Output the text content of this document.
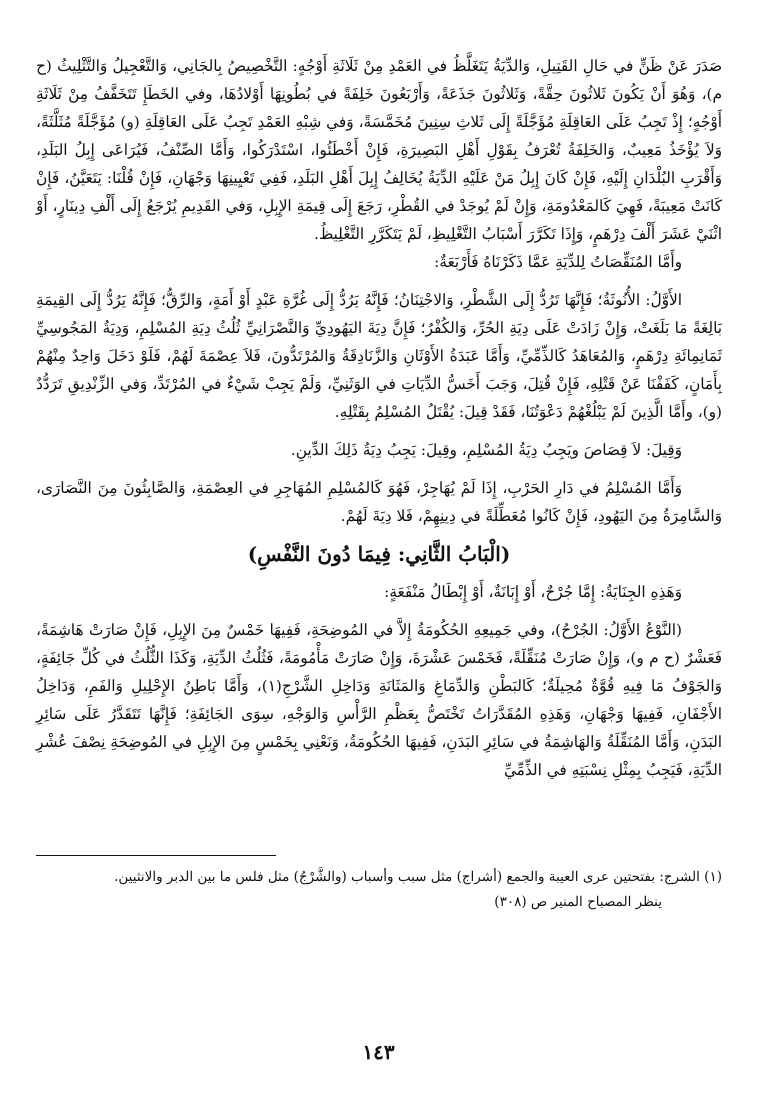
صَدَرَ عَنْ ظَنٍّ في حَالِ القَتِيلِ، وَالدِّيَةُ يَتَغَلَّظُ في العَمْدِ مِنْ ثَلَاثَةِ أَوْجُهٍ: التَّخْصِيصُ بِالجَانِي، وَالتَّعْجِيلُ وَالتَّثْلِيثُ (ح م)، وَهُوَ أَنْ يَكُونَ ثَلاثُونَ حِقَّةً، وَثَلاثُونَ جَذَعَةً، وَأَرْبَعُونَ خَلِفَةً في بُطُونِهَا أَوْلادُهَا، وفي الخَطَإِ تَتَخَفَّفُ مِنْ ثَلَاثَةِ أَوْجُهٍ؛ إِذْ تَجِبُ عَلَى العَاقِلَةِ مُؤَجَّلَةً إِلَى ثَلاثِ سِنِينَ مُخَمَّسَةً، وَفي شِبْهِ العَمْدِ تَجِبُ عَلَى العَاقِلَةِ (و) مُؤَجَّلَةً مُثَلَّثَةً، وَلاَ يُؤْخَذُ مَعِيبٌ، وَالخَلِفَةُ تُعْرَفُ بِقَوْلِ أَهْلِ البَصِيرَةِ، فَإِنْ أَخْطَئُوا، اسْتَدْرَكُوا، وَأَمَّا الصِّنْفُ، فَيُرَاعَى إِبِلُ البَلَدِ، وَأَقْرَبِ البُلْدَانِ إِلَيْهِ، فَإِنْ كَانَ إِبِلُ مَنْ عَلَيْهِ الدِّيَةُ يُخَالِفُ إِبِلَ أَهْلِ البَلَدِ، فَفِي تَعْيِينِهَا وَجْهَانِ، فَإِنْ قُلْنَا: يَتَعَيَّنُ، فَإِنْ كَانَتْ مَعِيبَةً، فَهِيَ كَالمَعْدُومَةِ، وَإِنْ لَمْ يُوجَدْ في القُطْرِ، رَجَعَ إِلَى قِيمَةِ الإِبِلِ، وَفي القَدِيمِ يُرْجَعُ إِلَى أَلْفِ دِينَارٍ، أَوْ اثْنَيْ عَشَرَ أَلْفَ دِرْهَمٍ، وَإِذَا تَكَرَّرَ أَسْبَابُ التَّغْلِيظِ، لَمْ يَتَكَرَّرِ التَّغْلِيظُ.

وأَمَّا المُنَقِّصَاتُ لِلدِّيَةِ عَمَّا ذَكَرْنَاهُ فَأَرْبَعَةٌ:

الأَوَّلُ: الأُنُوثَةُ؛ فَإِنَّهَا تَرُدُّ إِلَى الشَّطْرِ، وَالاجْتِنَانُ؛ فَإِنَّهُ يَرُدُّ إِلَى غُرَّةِ عَبْدٍ أَوْ أَمَةٍ، وَالرِّقُّ؛ فَإِنَّهُ يَرُدُّ إِلَى القِيمَةِ بَالِغَةً مَا بَلَغَتْ، وَإِنْ زَادَتْ عَلَى دِيَةِ الحُرِّ، وَالكُفْرُ؛ فَإِنَّ دِيَةَ اليَهُودِيِّ وَالنَّصْرَانِيِّ ثُلُثُ دِيَةِ المُسْلِمِ، وَدِيَةُ المَجُوسِيِّ ثَمَانِمِائَةِ دِرْهَمٍ، وَالمُعَاهَدُ كَالذِّمِّيِّ، وَأَمَّا عَبَدَةُ الأَوْثَانِ وَالزَّنَادِقَةُ وَالمُرْتَدُّونَ، فَلاَ عِصْمَةَ لَهُمْ، فَلَوْ دَخَلَ وَاحِدٌ مِنْهُمْ بِأَمَانٍ، كَفَفْنَا عَنْ قَتْلِهِ، فَإِنْ قُتِلَ، وَجَبَ أَخَسُّ الدِّيَاتِ في الوَثَنِيِّ، وَلَمْ يَجِبْ شَيْءٌ في المُرْتَدِّ، وَفي الزِّنْدِيقِ تَرَدُّدٌ (و)، وأَمَّا الَّذِينَ لَمْ يَبْلُغْهُمْ دَعْوَتُنَا، فَقَدْ قِيلَ: يُقْتَلُ المُسْلِمُ بِقَتْلِهِ.

وَقِيلَ: لاَ قِصَاصَ ويَجِبُ دِيَةُ المُسْلِمِ، وقِيلَ: يَجِبُ دِيَةُ ذَلِكَ الدِّينِ.

وَأَمَّا المُسْلِمُ في دَارِ الحَرْبِ، إِذَا لَمْ يُهَاجِرْ، فَهُوَ كَالمُسْلِمِ المُهَاجِرِ في العِصْمَةِ، وَالصَّابِئُونَ مِنَ النَّصَارَى، وَالسَّامِرَةُ مِنَ اليَهُودِ، فَإِنْ كَانُوا مُعَطِّلَةً في دِينِهِمْ، فَلا دِيَةَ لَهُمْ.

(الْبَابُ الثَّانِي: فِيمَا دُونَ النَّفْسِ)

وَهَذِهِ الجِنَايَةُ: إِمَّا جُرْحٌ، أَوْ إِبَانَةٌ، أَوْ إِبْطَالُ مَنْفَعَةٍ:

(النَّوْعُ الأَوَّلُ: الجُرْحُ)، وفي جَمِيعِهِ الحُكُومَةُ إِلاَّ في المُوضِحَةِ، فَفِيهَا خَمْسٌ مِنَ الإِبِلِ، فَإِنْ صَارَتْ هَاشِمَةً، فَعَشْرٌ (ح م و)، وَإِنْ صَارَتْ مُنَقِّلَةً، فَخَمْسَ عَشْرَةَ، وَإِنْ صَارَتْ مَأْمُومَةً، فَثُلُثُ الدِّيَةِ، وَكَذَا الثُّلُثُ في كُلِّ جَائِفَةٍ، وَالجَوْفُ مَا فِيهِ قُوَّةٌ مُحِيلَةٌ؛ كَالبَطْنِ وَالدِّمَاغِ وَالمَثَانَةِ وَدَاخِلِ الشَّرْجِ(١)، وَأَمَّا بَاطِنُ الإِحْلِيلِ وَالفَمِ، وَدَاخِلُ الأَجْفَانِ، فَفِيهَا وَجْهَانِ، وَهَذِهِ المُقَدَّرَاتُ تَخْتَصُّ بِعَظْمِ الرَّأْسِ وَالوَجْهِ، سِوَى الجَائِفَةِ؛ فَإِنَّهَا تَتَقَدَّرُ عَلَى سَائِرِ البَدَنِ، وَأَمَّا المُنَقِّلَةُ وَالهَاشِمَةُ في سَائِرِ البَدَنِ، فَفِيهَا الحُكُومَةُ، وَنَعْنِي بِخَمْسٍ مِنَ الإِبِلِ في المُوضِحَةِ نِصْفَ عُشْرِ الدِّيَةِ، فَيَجِبُ بِمِثْلِ نِسْبَتِهِ في الذِّمِّيِّ

(١) الشرج: بفتحتين عرى العيبة والجمع (أشراج) مثل سبب وأسباب (والشَّرْجُ) مثل فلس ما بين الدبر والانثيين.

ينظر المصباح المنير ص (٣٠٨)

١٤٣
